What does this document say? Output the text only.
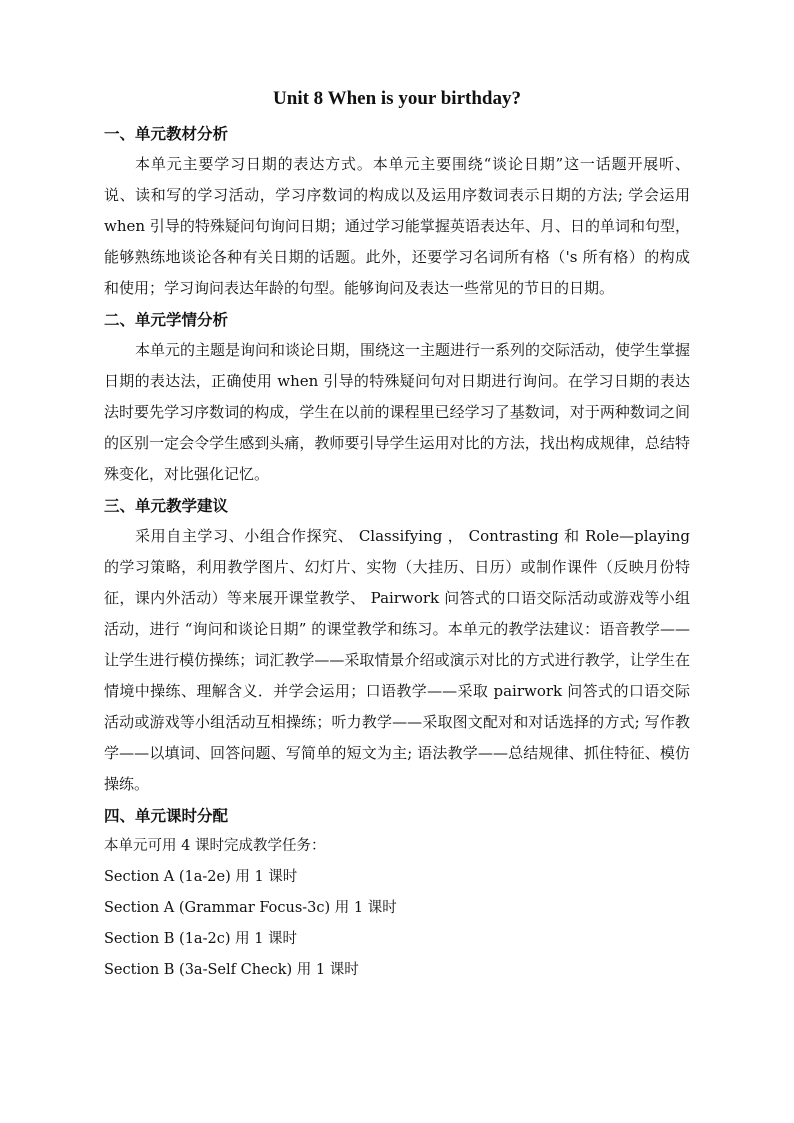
Unit 8 When is your birthday?
一、单元教材分析
本单元主要学习日期的表达方式。本单元主要围绕“谈论日期”这一话题开展听、说、读和写的学习活动，学习序数词的构成以及运用序数词表示日期的方法; 学会运用 when 引导的特殊疑问句询问日期；通过学习能掌握英语表达年、月、日的单词和句型，能够熟练地谈论各种有关日期的话题。此外，还要学习名词所有格（'s 所有格）的构成和使用；学习询问表达年龄的句型。能够询问及表达一些常见的节日的日期。
二、单元学情分析
本单元的主题是询问和谈论日期，围绕这一主题进行一系列的交际活动，使学生掌握日期的表达法，正确使用 when 引导的特殊疑问句对日期进行询问。在学习日期的表达法时要先学习序数词的构成，学生在以前的课程里已经学习了基数词，对于两种数词之间的区别一定会令学生感到头痛，教师要引导学生运用对比的方法，找出构成规律，总结特殊变化，对比强化记忆。
三、单元教学建议
采用自主学习、小组合作探究、 Classifying ， Contrasting 和 Role—playing 的学习策略，利用教学图片、幻灯片、实物（大挂历、日历）或制作课件（反映月份特征，课内外活动）等来展开课堂教学、 Pairwork 问答式的口语交际活动或游戏等小组活动，进行 “询问和谈论日期” 的课堂教学和练习。本单元的教学法建议：语音教学——让学生进行模仿操练；词汇教学——采取情景介绍或演示对比的方式进行教学，让学生在情境中操练、理解含义．并学会运用；口语教学——采取 pairwork 问答式的口语交际活动或游戏等小组活动互相操练；听力教学——采取图文配对和对话选择的方式; 写作教学——以填词、回答问题、写简单的短文为主; 语法教学——总结规律、抓住特征、模仿操练。
四、单元课时分配
本单元可用 4 课时完成教学任务：
Section A (1a-2e) 用 1 课时
Section A (Grammar Focus-3c) 用 1 课时
Section B (1a-2c) 用 1 课时
Section B (3a-Self Check) 用 1 课时
